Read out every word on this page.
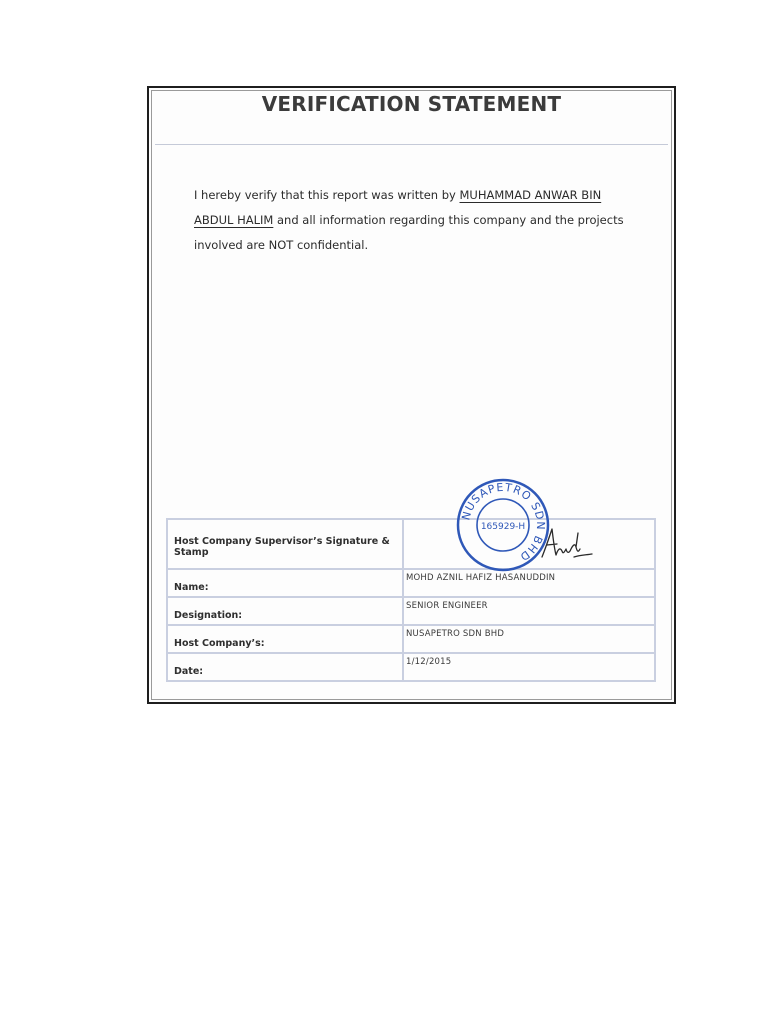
VERIFICATION STATEMENT
I hereby verify that this report was written by MUHAMMAD ANWAR BIN
ABDUL HALIM and all information regarding this company and the projects
involved are NOT confidential.
Host Company Supervisor’s Signature & Stamp	
Name:	MOHD AZNIL HAFIZ HASANUDDIN
Designation:	SENIOR ENGINEER
Host Company’s:	NUSAPETRO SDN BHD
Date:	1/12/2015
NUSAPETRO SDN BHD
165929-H
